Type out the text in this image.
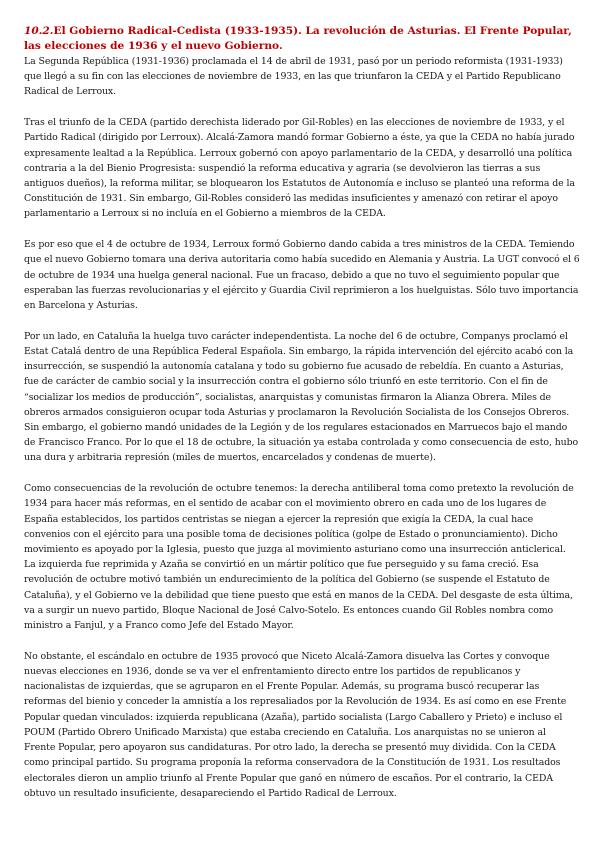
10.2.El Gobierno Radical-Cedista (1933-1935). La revolución de Asturias. El Frente Popular, las elecciones de 1936 y el nuevo Gobierno.

La Segunda República (1931-1936) proclamada el 14 de abril de 1931, pasó por un periodo reformista (1931-1933) que llegó a su fin con las elecciones de noviembre de 1933, en las que triunfaron la CEDA y el Partido Republicano Radical de Lerroux.

Tras el triunfo de la CEDA (partido derechista liderado por Gil-Robles) en las elecciones de noviembre de 1933, y el Partido Radical (dirigido por Lerroux). Alcalá-Zamora mandó formar Gobierno a éste, ya que la CEDA no había jurado expresamente lealtad a la República. Lerroux gobernó con apoyo parlamentario de la CEDA, y desarrolló una política contraria a la del Bienio Progresista: suspendió la reforma educativa y agraria (se devolvieron las tierras a sus antiguos dueños), la reforma militar, se bloquearon los Estatutos de Autonomía e incluso se planteó una reforma de la Constitución de 1931. Sin embargo, Gil-Robles consideró las medidas insuficientes y amenazó con retirar el apoyo parlamentario a Lerroux si no incluía en el Gobierno a miembros de la CEDA.

Es por eso que el 4 de octubre de 1934, Lerroux formó Gobierno dando cabida a tres ministros de la CEDA. Temiendo que el nuevo Gobierno tomara una deriva autoritaria como había sucedido en Alemania y Austria. La UGT convocó el 6 de octubre de 1934 una huelga general nacional. Fue un fracaso, debido a que no tuvo el seguimiento popular que esperaban las fuerzas revolucionarias y el ejército y Guardia Civil reprimieron a los huelguistas. Sólo tuvo importancia en Barcelona y Asturias.

Por un lado, en Cataluña la huelga tuvo carácter independentista. La noche del 6 de octubre, Companys proclamó el Estat Catalá dentro de una República Federal Española. Sin embargo, la rápida intervención del ejército acabó con la insurrección, se suspendió la autonomía catalana y todo su gobierno fue acusado de rebeldía. En cuanto a Asturias, fue de carácter de cambio social y la insurrección contra el gobierno sólo triunfó en este territorio. Con el fin de “socializar los medios de producción”, socialistas, anarquistas y comunistas firmaron la Alianza Obrera. Miles de obreros armados consiguieron ocupar toda Asturias y proclamaron la Revolución Socialista de los Consejos Obreros. Sin embargo, el gobierno mandó unidades de la Legión y de los regulares estacionados en Marruecos bajo el mando de Francisco Franco. Por lo que el 18 de octubre, la situación ya estaba controlada y como consecuencia de esto, hubo una dura y arbitraria represión (miles de muertos, encarcelados y condenas de muerte).

Como consecuencias de la revolución de octubre tenemos: la derecha antiliberal toma como pretexto la revolución de 1934 para hacer más reformas, en el sentido de acabar con el movimiento obrero en cada uno de los lugares de España establecidos, los partidos centristas se niegan a ejercer la represión que exigía la CEDA, la cual hace convenios con el ejército para una posible toma de decisiones política (golpe de Estado o pronunciamiento). Dicho movimiento es apoyado por la Iglesia, puesto que juzga al movimiento asturiano como una insurrección anticlerical. La izquierda fue reprimida y Azaña se convirtió en un mártir político que fue perseguido y su fama creció. Esa revolución de octubre motivó también un endurecimiento de la política del Gobierno (se suspende el Estatuto de Cataluña), y el Gobierno ve la debilidad que tiene puesto que está en manos de la CEDA. Del desgaste de esta última, va a surgir un nuevo partido, Bloque Nacional de José Calvo-Sotelo. Es entonces cuando Gil Robles nombra como ministro a Fanjul, y a Franco como Jefe del Estado Mayor.

No obstante, el escándalo en octubre de 1935 provocó que Niceto Alcalá-Zamora disuelva las Cortes y convoque nuevas elecciones en 1936, donde se va ver el enfrentamiento directo entre los partidos de republicanos y nacionalistas de izquierdas, que se agruparon en el Frente Popular. Además, su programa buscó recuperar las reformas del bienio y conceder la amnistía a los represaliados por la Revolución de 1934. Es así como en ese Frente Popular quedan vinculados: izquierda republicana (Azaña), partido socialista (Largo Caballero y Prieto) e incluso el POUM (Partido Obrero Unificado Marxista) que estaba creciendo en Cataluña. Los anarquistas no se unieron al Frente Popular, pero apoyaron sus candidaturas. Por otro lado, la derecha se presentó muy dividida. Con la CEDA como principal partido. Su programa proponía la reforma conservadora de la Constitución de 1931. Los resultados electorales dieron un amplio triunfo al Frente Popular que ganó en número de escaños. Por el contrario, la CEDA obtuvo un resultado insuficiente, desapareciendo el Partido Radical de Lerroux.
